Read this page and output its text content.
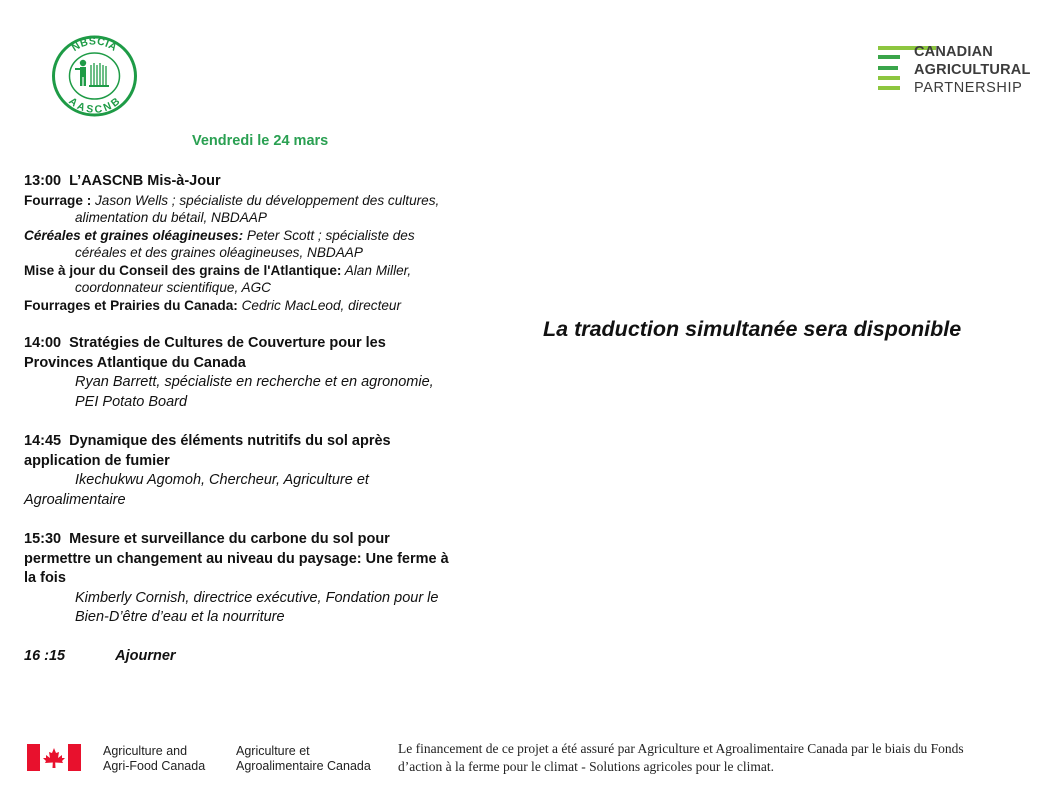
NBSCIA
AASCNB
CANADIAN
AGRICULTURAL
PARTNERSHIP
Vendredi le 24 mars
13:00 L’AASCNB Mis-à-Jour
Fourrage : Jason Wells ; spécialiste du développement des cultures,
alimentation du bétail, NBDAAP
Céréales et graines oléagineuses: Peter Scott ; spécialiste des
céréales et des graines oléagineuses, NBDAAP
Mise à jour du Conseil des grains de l'Atlantique: Alan Miller,
coordonnateur scientifique, AGC
Fourrages et Prairies du Canada: Cedric MacLeod, directeur
14:00 Stratégies de Cultures de Couverture pour les
Provinces Atlantique du Canada
Ryan Barrett, spécialiste en recherche et en agronomie,
PEI Potato Board
14:45 Dynamique des éléments nutritifs du sol après
application de fumier
Ikechukwu Agomoh, Chercheur, Agriculture et
Agroalimentaire
15:30 Mesure et surveillance du carbone du sol pour
permettre un changement au niveau du paysage: Une ferme à
la fois
Kimberly Cornish, directrice exécutive, Fondation pour le
Bien-D’être d’eau et la nourriture
16 :15	Ajourner
La traduction simultanée sera disponible
Agriculture and
Agri-Food Canada
Agriculture et
Agroalimentaire Canada
Le financement de ce projet a été assuré par Agriculture et Agroalimentaire Canada par le biais du Fonds
d’action à la ferme pour le climat - Solutions agricoles pour le climat.
